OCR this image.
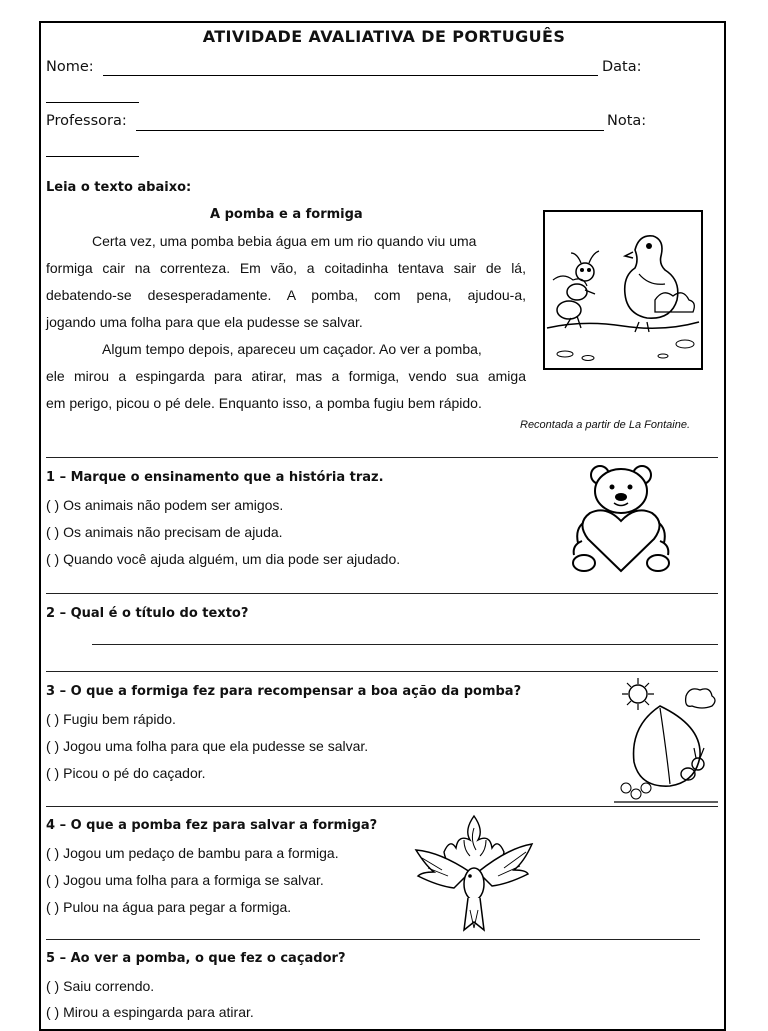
ATIVIDADE AVALIATIVA DE PORTUGUÊS
Nome:	Data:
Professora:	Nota:
Leia o texto abaixo:
A pomba e a formiga
Certa vez, uma pomba bebia água em um rio quando viu uma
formiga cair na correnteza. Em vão, a coitadinha tentava sair de lá,
debatendo-se desesperadamente. A pomba, com pena, ajudou-a,
jogando uma folha para que ela pudesse se salvar.
Algum tempo depois, apareceu um caçador. Ao ver a pomba,
ele mirou a espingarda para atirar, mas a formiga, vendo sua amiga
em perigo, picou o pé dele. Enquanto isso, a pomba fugiu bem rápido.
Recontada a partir de La Fontaine.
1 – Marque o ensinamento que a história traz.
( ) Os animais não podem ser amigos.
( ) Os animais não precisam de ajuda.
( ) Quando você ajuda alguém, um dia pode ser ajudado.
2 – Qual é o título do texto?
3 – O que a formiga fez para recompensar a boa ação da pomba?
( ) Fugiu bem rápido.
( ) Jogou uma folha para que ela pudesse se salvar.
( ) Picou o pé do caçador.
4 – O que a pomba fez para salvar a formiga?
( ) Jogou um pedaço de bambu para a formiga.
( ) Jogou uma folha para a formiga se salvar.
( ) Pulou na água para pegar a formiga.
5 – Ao ver a pomba, o que fez o caçador?
( ) Saiu correndo.
( ) Mirou a espingarda para atirar.
